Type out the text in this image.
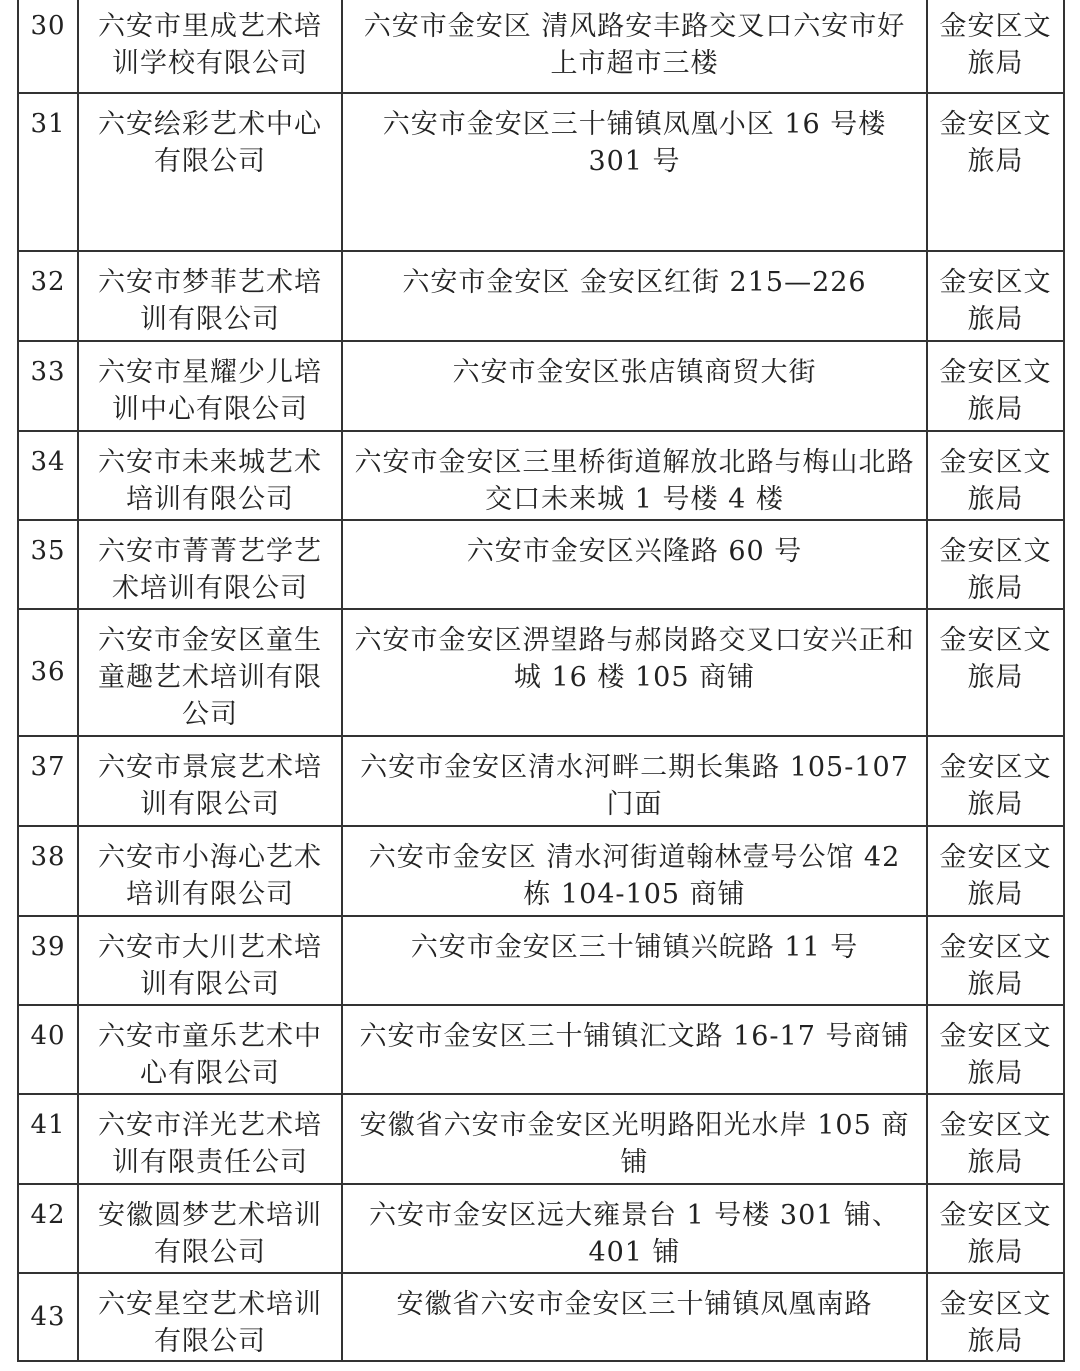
30	六安市里成艺术培训学校有限公司	六安市金安区 清风路安丰路交叉口六安市好上市超市三楼	金安区文旅局

31	六安绘彩艺术中心有限公司	六安市金安区三十铺镇凤凰小区 16 号楼 301 号	金安区文旅局

32	六安市梦菲艺术培训有限公司	六安市金安区 金安区红街 215—226	金安区文旅局

33	六安市星耀少儿培训中心有限公司	六安市金安区张店镇商贸大街	金安区文旅局

34	六安市未来城艺术培训有限公司	六安市金安区三里桥街道解放北路与梅山北路交口未来城 1 号楼 4 楼	金安区文旅局

35	六安市菁菁艺学艺术培训有限公司	六安市金安区兴隆路 60 号	金安区文旅局

36	六安市金安区童生童趣艺术培训有限公司	六安市金安区淠望路与郝岗路交叉口安兴正和城 16 楼 105 商铺	金安区文旅局

37	六安市景宸艺术培训有限公司	六安市金安区清水河畔二期长集路 105-107 门面	金安区文旅局

38	六安市小海心艺术培训有限公司	六安市金安区 清水河街道翰林壹号公馆 42 栋 104-105 商铺	金安区文旅局

39	六安市大川艺术培训有限公司	六安市金安区三十铺镇兴皖路 11 号	金安区文旅局

40	六安市童乐艺术中心有限公司	六安市金安区三十铺镇汇文路 16-17 号商铺	金安区文旅局

41	六安市洋光艺术培训有限责任公司	安徽省六安市金安区光明路阳光水岸 105 商铺	金安区文旅局

42	安徽圆梦艺术培训有限公司	六安市金安区远大雍景台 1 号楼 301 铺、401 铺	金安区文旅局

43	六安星空艺术培训有限公司	安徽省六安市金安区三十铺镇凤凰南路	金安区文旅局
